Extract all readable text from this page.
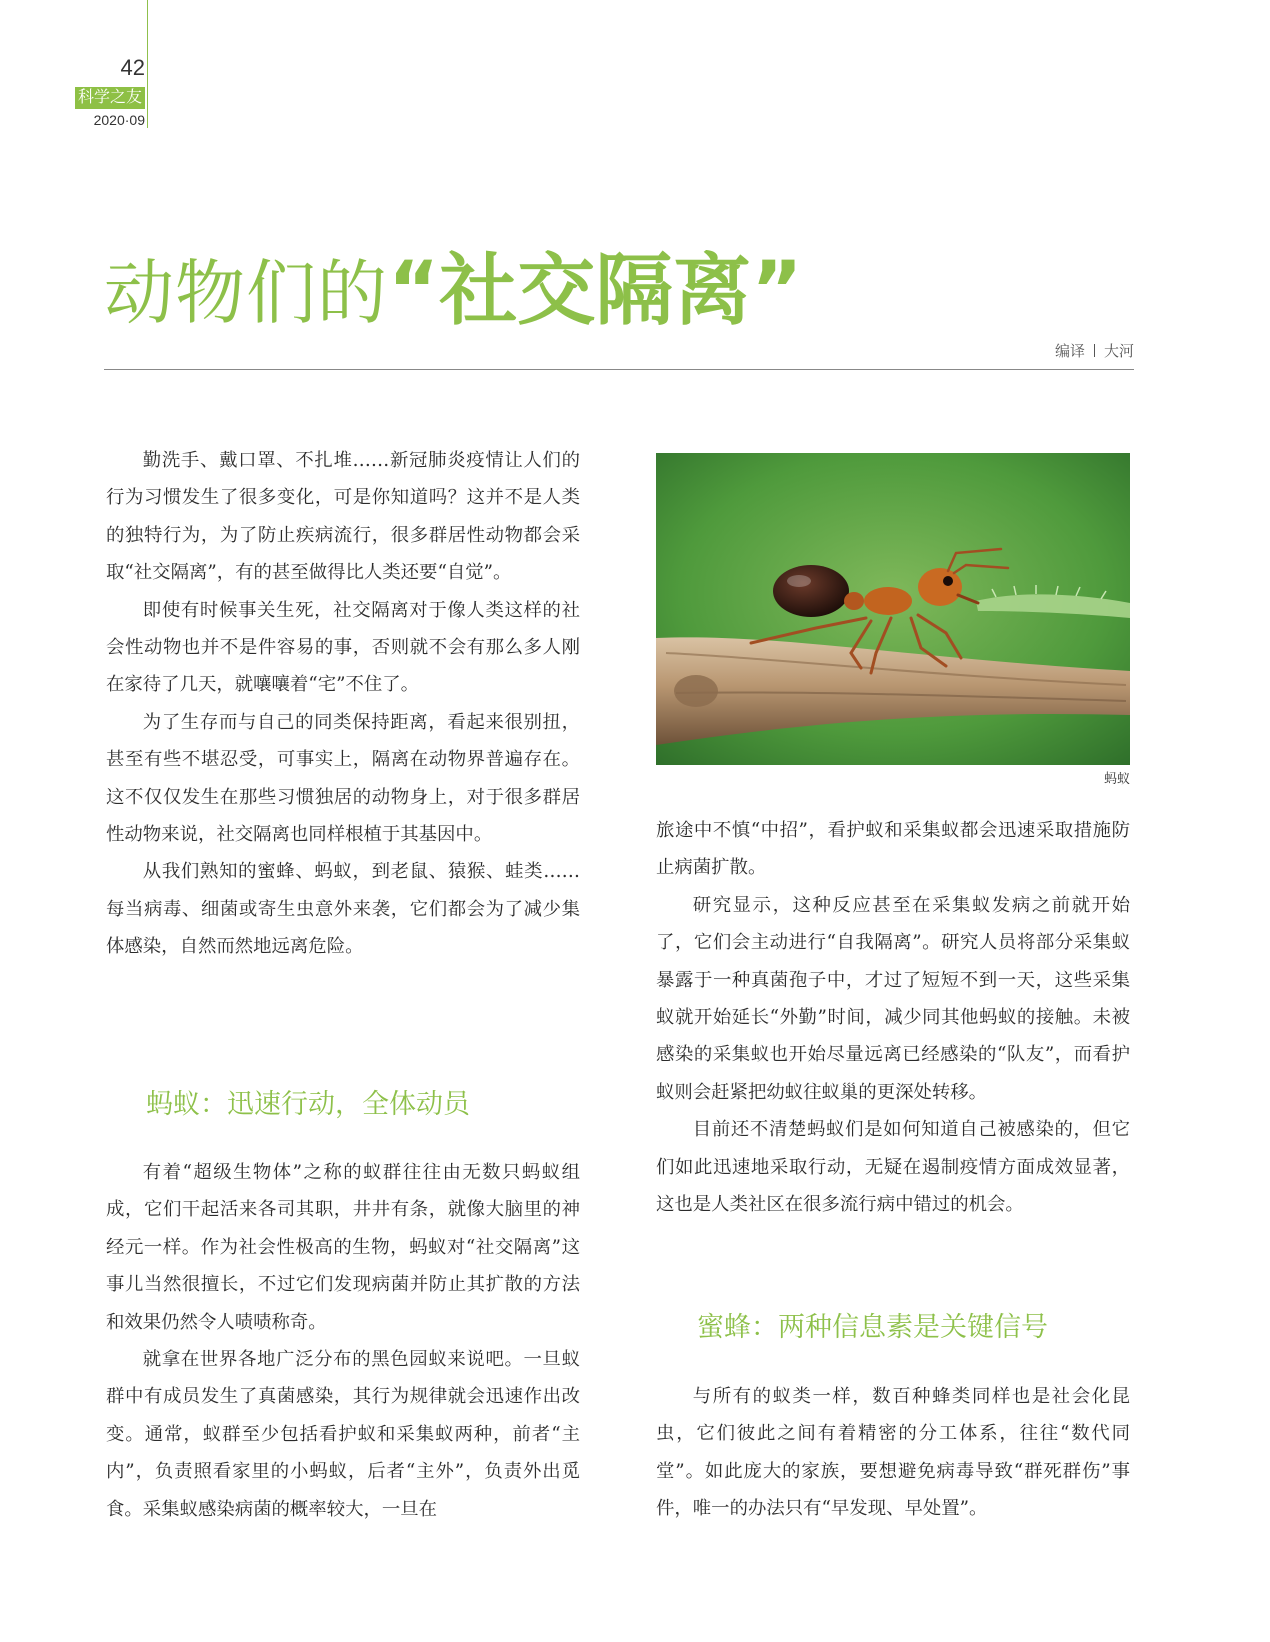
42
科学之友
2020·09
动物们的“社交隔离”
编译 大河

勤洗手、戴口罩、不扎堆……新冠肺炎疫情让人们的行为习惯发生了很多变化，可是你知道吗？这并不是人类的独特行为，为了防止疾病流行，很多群居性动物都会采取“社交隔离”，有的甚至做得比人类还要“自觉”。

即使有时候事关生死，社交隔离对于像人类这样的社会性动物也并不是件容易的事，否则就不会有那么多人刚在家待了几天，就嚷嚷着“宅”不住了。

为了生存而与自己的同类保持距离，看起来很别扭，甚至有些不堪忍受，可事实上，隔离在动物界普遍存在。这不仅仅发生在那些习惯独居的动物身上，对于很多群居性动物来说，社交隔离也同样根植于其基因中。

从我们熟知的蜜蜂、蚂蚁，到老鼠、猿猴、蛙类……每当病毒、细菌或寄生虫意外来袭，它们都会为了减少集体感染，自然而然地远离危险。

蚂蚁：迅速行动，全体动员

有着“超级生物体”之称的蚁群往往由无数只蚂蚁组成，它们干起活来各司其职，井井有条，就像大脑里的神经元一样。作为社会性极高的生物，蚂蚁对“社交隔离”这事儿当然很擅长，不过它们发现病菌并防止其扩散的方法和效果仍然令人啧啧称奇。

就拿在世界各地广泛分布的黑色园蚁来说吧。一旦蚁群中有成员发生了真菌感染，其行为规律就会迅速作出改变。通常，蚁群至少包括看护蚁和采集蚁两种，前者“主内”，负责照看家里的小蚂蚁，后者“主外”，负责外出觅食。采集蚁感染病菌的概率较大，一旦在

蚂蚁

旅途中不慎“中招”，看护蚁和采集蚁都会迅速采取措施防止病菌扩散。

研究显示，这种反应甚至在采集蚁发病之前就开始了，它们会主动进行“自我隔离”。研究人员将部分采集蚁暴露于一种真菌孢子中，才过了短短不到一天，这些采集蚁就开始延长“外勤”时间，减少同其他蚂蚁的接触。未被感染的采集蚁也开始尽量远离已经感染的“队友”，而看护蚁则会赶紧把幼蚁往蚁巢的更深处转移。

目前还不清楚蚂蚁们是如何知道自己被感染的，但它们如此迅速地采取行动，无疑在遏制疫情方面成效显著，这也是人类社区在很多流行病中错过的机会。

蜜蜂：两种信息素是关键信号

与所有的蚁类一样，数百种蜂类同样也是社会化昆虫，它们彼此之间有着精密的分工体系，往往“数代同堂”。如此庞大的家族，要想避免病毒导致“群死群伤”事件，唯一的办法只有“早发现、早处置”。
